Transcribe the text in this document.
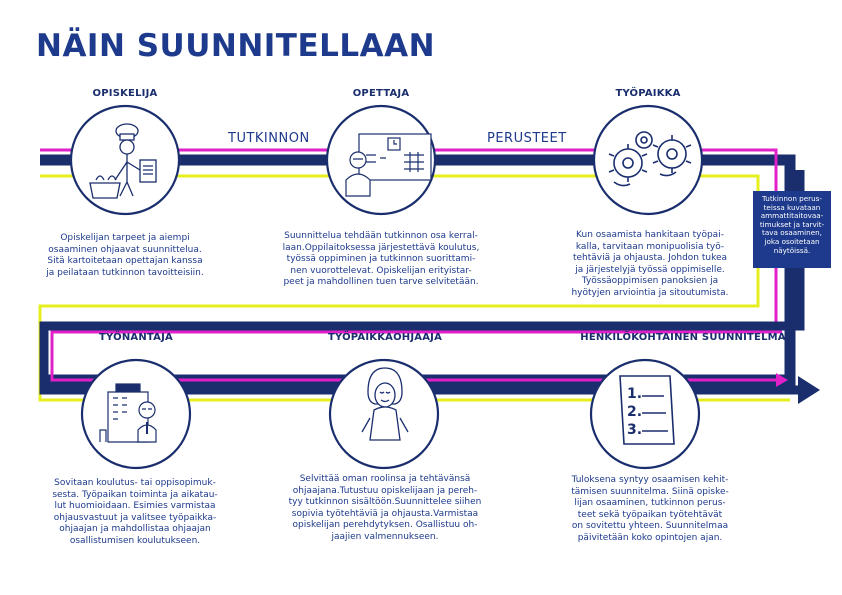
NÄIN SUUNNITELLAAN
1.
2.
3.
TUTKINNON	PERUSTEET
OPISKELIJA	OPETTAJA	TYÖPAIKKA
TYÖNANTAJA	TYÖPAIKKAOHJAAJA	HENKILÖKOHTAINEN SUUNNITELMA
Opiskelijan tarpeet ja aiempi
osaaminen ohjaavat suunnittelua.
Sitä kartoitetaan opettajan kanssa
ja peilataan tutkinnon tavoitteisiin.
Suunnittelua tehdään tutkinnon osa kerral-
laan.Oppilaitoksessa järjestettävä koulutus,
työssä oppiminen ja tutkinnon suorittami-
nen vuorottelevat. Opiskelijan erityistar-
peet ja mahdollinen tuen tarve selvitetään.
Kun osaamista hankitaan työpai-
kalla, tarvitaan monipuolisia työ-
tehtäviä ja ohjausta. Johdon tukea
ja järjestelyjä työssä oppimiselle.
Työssäoppimisen panoksien ja
hyötyjen arviointia ja sitoutumista.
Sovitaan koulutus- tai oppisopimuk-
sesta. Työpaikan toiminta ja aikatau-
lut huomioidaan. Esimies varmistaa
ohjausvastuut ja valitsee työpaikka-
ohjaajan ja mahdollistaa ohjaajan
osallistumisen koulutukseen.
Selvittää oman roolinsa ja tehtävänsä
ohjaajana.Tutustuu opiskelijaan ja pereh-
tyy tutkinnon sisältöön.Suunnittelee siihen
sopivia työtehtäviä ja ohjausta.Varmistaa
opiskelijan perehdytyksen. Osallistuu oh-
jaajien valmennukseen.
Tuloksena syntyy osaamisen kehit-
tämisen suunnitelma. Siinä opiske-
lijan osaaminen, tutkinnon perus-
teet sekä työpaikan työtehtävät
on sovitettu yhteen. Suunnitelmaa
päivitetään koko opintojen ajan.
Tutkinnon perus-
teissa kuvataan
ammattitaitovaa-
timukset ja tarvit-
tava osaaminen,
joka osoitetaan
näytöissä.
